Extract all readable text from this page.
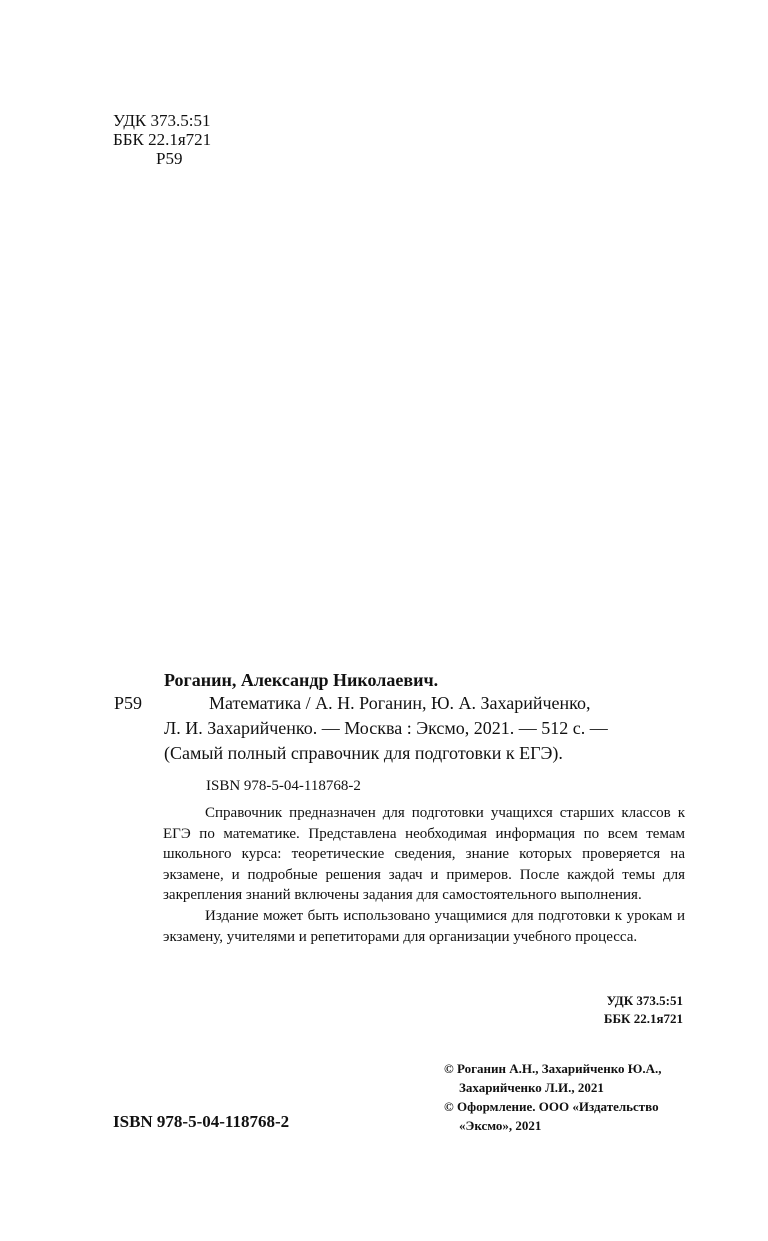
УДК 373.5:51
ББК 22.1я721
Р59
Роганин, Александр Николаевич.
Р59	Математика / А. Н. Роганин, Ю. А. Захарийченко,
Л. И. Захарийченко. — Москва : Эксмо, 2021. — 512 с. —
(Самый полный справочник для подготовки к ЕГЭ).
ISBN 978-5-04-118768-2

Справочник предназначен для подготовки учащихся старших классов к ЕГЭ по математике. Представлена необходимая информация по всем темам школьного курса: теоретические сведения, знание которых проверяется на экзамене, и подробные решения задач и примеров. После каждой темы для закрепления знаний включены задания для самостоятельного выполнения.

Издание может быть использовано учащимися для подготовки к урокам и экзамену, учителями и репетиторами для организации учебного процесса.

УДК 373.5:51
ББК 22.1я721
ISBN 978-5-04-118768-2
© Роганин А.Н., Захарийченко Ю.А.,
Захарийченко Л.И., 2021
© Оформление. ООО «Издательство
«Эксмо», 2021
